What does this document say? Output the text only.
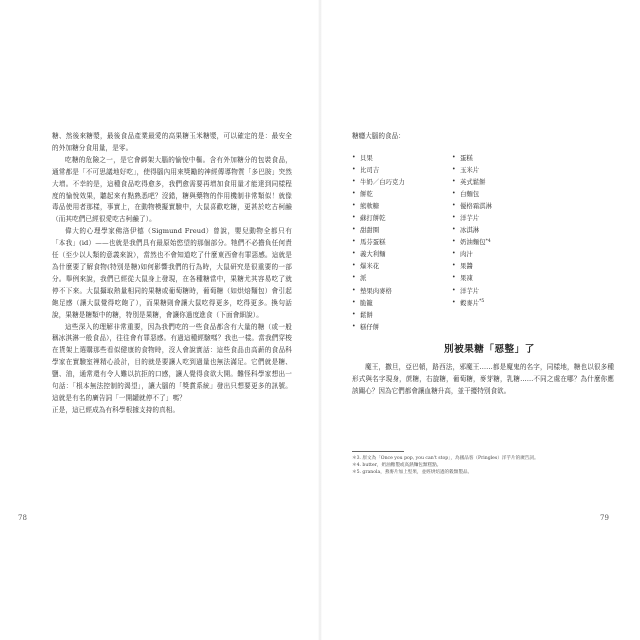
糖、然後來糖漿，最後食品產業最愛的高果糖玉米糖漿，可以確定的是：最安全的外加糖分食用量，是零。

吃糖的危險之一，是它會綁架大腦的愉悅中樞。含有外加糖分的包裝食品，通常都是「不可思議地好吃」，使得腦內用來獎勵的神經傳導物質「多巴胺」突然大增。不幸的是，這種食品吃得愈多，我們愈需要再增加食用量才能達到同樣程度的愉悅效果，聽起來有點熟悉吧？沒錯，糖與藥物的作用機制非常類似！就像毒品使用者那樣，事實上，在動物模擬實驗中，大鼠喜歡吃糖，更甚於吃古柯鹼（而其吃們已經很愛吃古柯鹼了）。

偉大的心理學家佛洛伊德（Sigmund Freud）曾說，嬰兒動物全都只有「本我」(id）——也就是我們具有最原始慾望的那個部分。牠們不必擔負任何責任（至少以人類的意義來說），當然也不會知道吃了什麼東西會有罪惡感。這就是為什麼要了解食物(特別是糖)如何影響我們的行為時，大鼠研究是很重要的一部分。舉例來說，我們已經從大鼠身上發現，在各種糖當中，果糖尤其容易吃了就停不下來。大鼠攝取熱量相同的果糖或葡萄糖時，葡萄糖（如烘焙麵包）會引起飽足感（讓大鼠覺得吃飽了），而果糖則會讓大鼠吃得更多，吃得更多。換句話說，果糖是糖類中的糖，特別是果糖，會讓你過度進食（下面會細說）。

這些深入的理解非常重要，因為我們吃的一些食品都含有大量的糖（或一般稱冰淇淋一般食品），往往會有罪惡感。有過這種經驗嗎？我也一樣。當我們穿梭在貨架上選購那些看似健康的食物時，沒人會說實話：這些食品由高薪的食品科學家在實驗室裡精心設計，目的就是要讓人吃到過量也無法滿足。它們就是糖、鹽、油，通常還有令人難以抗拒的口感，讓人覺得食欲大開。難怪科學家想出一句話：「根本無法控制的渴望」，讓大腦的「獎賞系統」發出只想要更多的訊號。這就是有名的廣告詞「一開罐就停不了」嗎？

正是，這已經成為有科學根據支持的真相。

78
糖癮大腦的食品：
• 貝果
• 比司吉
• 牛奶／白巧克力
• 餅乾
• 熊軟糖
• 蘇打餅乾
• 甜甜圈
• 馬芬蛋糕
• 義大利麵
• 爆米花
• 派
• 墊果肉麥格
• 脆籠
• 蛋糕
• 玉米片
• 英式鬆餅
• 白麵包
• 優格霜淇淋
• 洋芋片
• 冰淇淋
• 奶油麵包 *4
• 肉汁
• 果醬
• 果凍
• 洋芋片
• 穀麥片 *5
• 鬆餅
• 糕仔餅
別被果糖「惡整」了

魔王，撒旦，亞巴頓，路西法，邪魔王……都是魔鬼的名字，同樣地，糖也以很多種形式與名字現身，蔗糖，右旋糖，葡萄糖，麥芽糖，乳糖……不同之處在哪？為什麼你應該關心？因為它們都會讓血糖升高，並干擾特別食欲。

＊3. 原文為「Once you pop, you can't stop」，為國品客（Pringles）洋芋片的廣告詞。
＊4. butter，奶油糖製或高熱麵包類糕點。
＊5. granola，燕麥片加上堅果，並經烘焙過的穀類製品。
79
